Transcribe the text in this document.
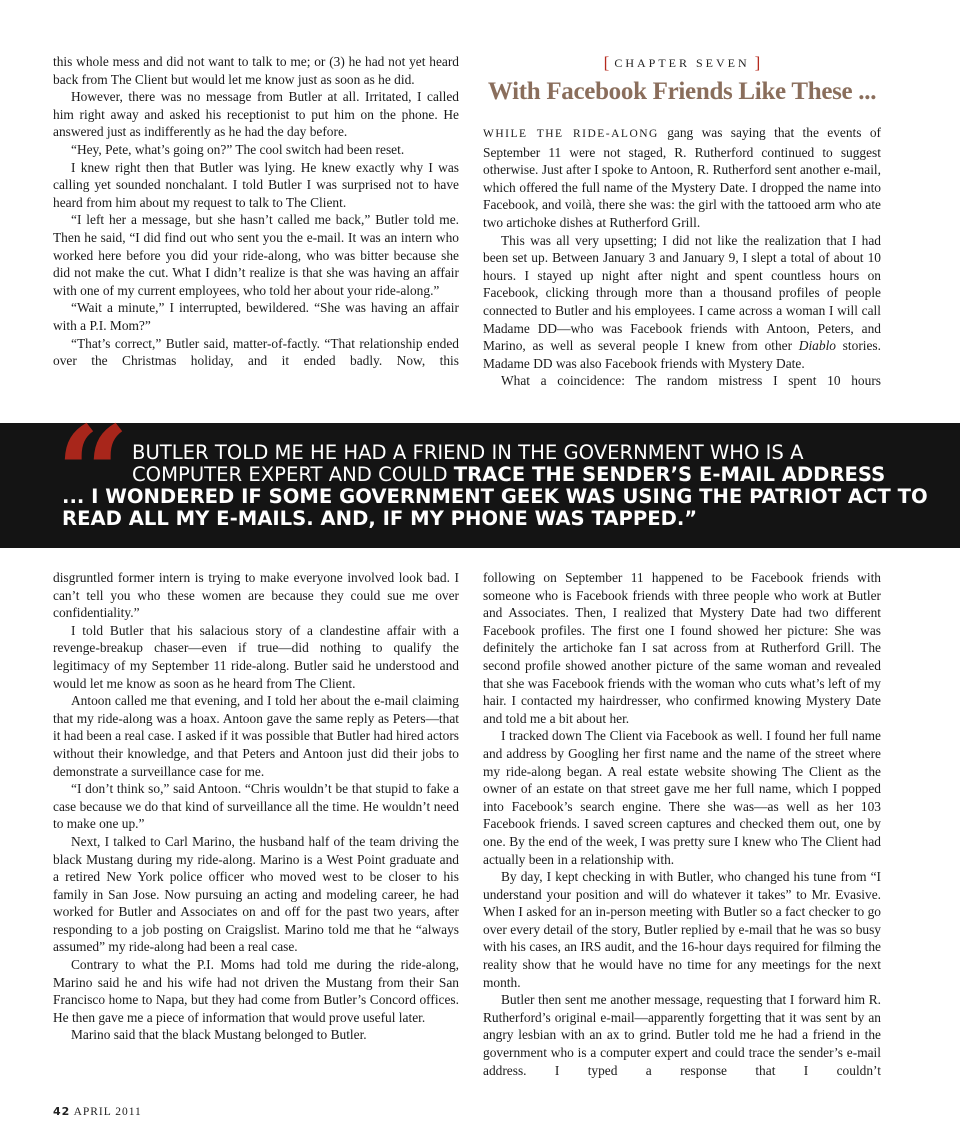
this whole mess and did not want to talk to me; or (3) he had not yet heard back from The Client but would let me know just as soon as he did.

However, there was no message from Butler at all. Irritated, I called him right away and asked his receptionist to put him on the phone. He answered just as indifferently as he had the day before.

“Hey, Pete, what’s going on?” The cool switch had been reset.

I knew right then that Butler was lying. He knew exactly why I was calling yet sounded nonchalant. I told Butler I was surprised not to have heard from him about my request to talk to The Client.

“I left her a message, but she hasn’t called me back,” Butler told me. Then he said, “I did find out who sent you the e-mail. It was an intern who worked here before you did your ride-along, who was bitter because she did not make the cut. What I didn’t realize is that she was having an affair with one of my current employees, who told her about your ride-along.”

“Wait a minute,” I interrupted, bewildered. “She was having an affair with a P.I. Mom?”

“That’s correct,” Butler said, matter-of-factly. “That relationship ended over the Christmas holiday, and it ended badly. Now, this

[ CHAPTER SEVEN ]
With Facebook Friends Like These ...

WHILE THE RIDE-ALONG gang was saying that the events of September 11 were not staged, R. Rutherford continued to suggest otherwise. Just after I spoke to Antoon, R. Rutherford sent another e-mail, which offered the full name of the Mystery Date. I dropped the name into Facebook, and voilà, there she was: the girl with the tattooed arm who ate two artichoke dishes at Rutherford Grill.

This was all very upsetting; I did not like the realization that I had been set up. Between January 3 and January 9, I slept a total of about 10 hours. I stayed up night after night and spent countless hours on Facebook, clicking through more than a thousand profiles of people connected to Butler and his employees. I came across a woman I will call Madame DD—who was Facebook friends with Antoon, Peters, and Marino, as well as several people I knew from other Diablo stories. Madame DD was also Facebook friends with Mystery Date.

What a coincidence: The random mistress I spent 10 hours

“ BUTLER TOLD ME HE HAD A FRIEND IN THE GOVERNMENT WHO IS A
COMPUTER EXPERT AND COULD TRACE THE SENDER’S E-MAIL ADDRESS
... I WONDERED IF SOME GOVERNMENT GEEK WAS USING THE PATRIOT ACT TO
READ ALL MY E-MAILS. AND, IF MY PHONE WAS TAPPED.”

disgruntled former intern is trying to make everyone involved look bad. I can’t tell you who these women are because they could sue me over confidentiality.”

I told Butler that his salacious story of a clandestine affair with a revenge-breakup chaser—even if true—did nothing to qualify the legitimacy of my September 11 ride-along. Butler said he understood and would let me know as soon as he heard from The Client.

Antoon called me that evening, and I told her about the e-mail claiming that my ride-along was a hoax. Antoon gave the same reply as Peters—that it had been a real case. I asked if it was possible that Butler had hired actors without their knowledge, and that Peters and Antoon just did their jobs to demonstrate a surveillance case for me.

“I don’t think so,” said Antoon. “Chris wouldn’t be that stupid to fake a case because we do that kind of surveillance all the time. He wouldn’t need to make one up.”

Next, I talked to Carl Marino, the husband half of the team driving the black Mustang during my ride-along. Marino is a West Point graduate and a retired New York police officer who moved west to be closer to his family in San Jose. Now pursuing an acting and modeling career, he had worked for Butler and Associates on and off for the past two years, after responding to a job posting on Craigslist. Marino told me that he “always assumed” my ride-along had been a real case.

Contrary to what the P.I. Moms had told me during the ride-along, Marino said he and his wife had not driven the Mustang from their San Francisco home to Napa, but they had come from Butler’s Concord offices. He then gave me a piece of information that would prove useful later.

Marino said that the black Mustang belonged to Butler.

following on September 11 happened to be Facebook friends with someone who is Facebook friends with three people who work at Butler and Associates. Then, I realized that Mystery Date had two different Facebook profiles. The first one I found showed her picture: She was definitely the artichoke fan I sat across from at Rutherford Grill. The second profile showed another picture of the same woman and revealed that she was Facebook friends with the woman who cuts what’s left of my hair. I contacted my hairdresser, who confirmed knowing Mystery Date and told me a bit about her.

I tracked down The Client via Facebook as well. I found her full name and address by Googling her first name and the name of the street where my ride-along began. A real estate website showing The Client as the owner of an estate on that street gave me her full name, which I popped into Facebook’s search engine. There she was—as well as her 103 Facebook friends. I saved screen captures and checked them out, one by one. By the end of the week, I was pretty sure I knew who The Client had actually been in a relationship with.

By day, I kept checking in with Butler, who changed his tune from “I understand your position and will do whatever it takes” to Mr. Evasive. When I asked for an in-person meeting with Butler so a fact checker to go over every detail of the story, Butler replied by e-mail that he was so busy with his cases, an IRS audit, and the 16-hour days required for filming the reality show that he would have no time for any meetings for the next month.

Butler then sent me another message, requesting that I forward him R. Rutherford’s original e-mail—apparently forgetting that it was sent by an angry lesbian with an ax to grind. Butler told me he had a friend in the government who is a computer expert and could trace the sender’s e-mail address. I typed a response that I couldn’t

42 APRIL 2011
